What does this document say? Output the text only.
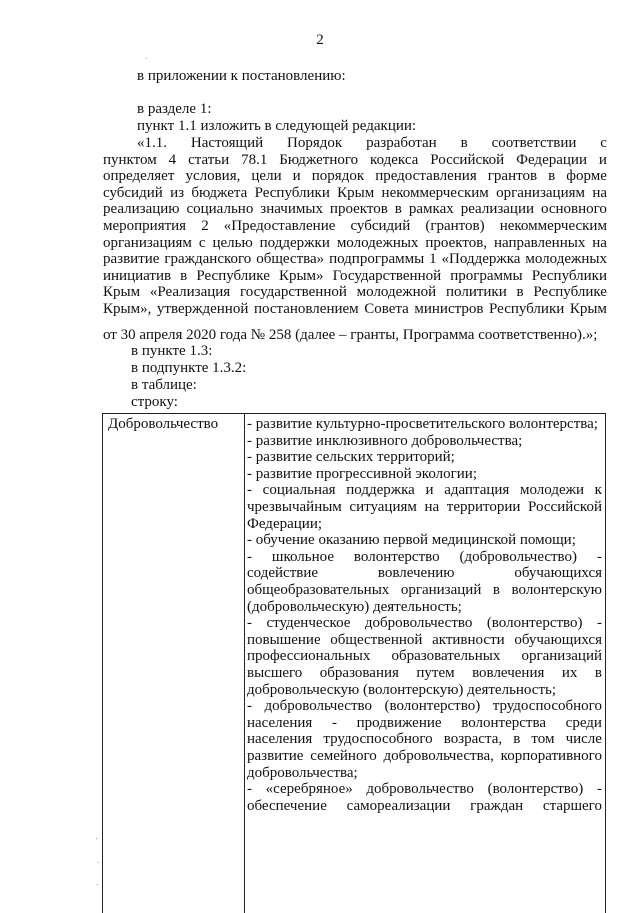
2
в приложении к постановлению:
в разделе 1:
пункт 1.1 изложить в следующей редакции:
«1.1. Настоящий Порядок разработан в соответствии с
пунктом 4 статьи 78.1 Бюджетного кодекса Российской Федерации и
определяет условия, цели и порядок предоставления грантов в форме
субсидий из бюджета Республики Крым некоммерческим организациям на
реализацию социально значимых проектов в рамках реализации основного
мероприятия 2 «Предоставление субсидий (грантов) некоммерческим
организациям с целью поддержки молодежных проектов, направленных на
развитие гражданского общества» подпрограммы 1 «Поддержка молодежных
инициатив в Республике Крым» Государственной программы Республики
Крым «Реализация государственной молодежной политики в Республике
Крым», утвержденной постановлением Совета министров Республики Крым
от 30 апреля 2020 года № 258 (далее – гранты, Программа соответственно).»;
в пункте 1.3:
в подпункте 1.3.2:
в таблице:
строку:
Добровольчество - развитие культурно-просветительского волонтерства;
- развитие инклюзивного добровольчества;
- развитие сельских территорий;
- развитие прогрессивной экологии;
- социальная поддержка и адаптация молодежи к
чрезвычайным ситуациям на территории Российской
Федерации;
- обучение оказанию первой медицинской помощи;
- школьное волонтерство (добровольчество) -
содействие	вовлечению	обучающихся
общеобразовательных организаций в волонтерскую
(добровольческую) деятельность;
- студенческое добровольчество (волонтерство) -
повышение общественной активности обучающихся
профессиональных образовательных организаций
высшего образования путем вовлечения их в
добровольческую (волонтерскую) деятельность;
- добровольчество (волонтерство) трудоспособного
населения - продвижение волонтерства среди
населения трудоспособного возраста, в том числе
развитие семейного добровольчества, корпоративного
добровольчества;
- «серебряное» добровольчество (волонтерство) -
обеспечение самореализации граждан старшего
